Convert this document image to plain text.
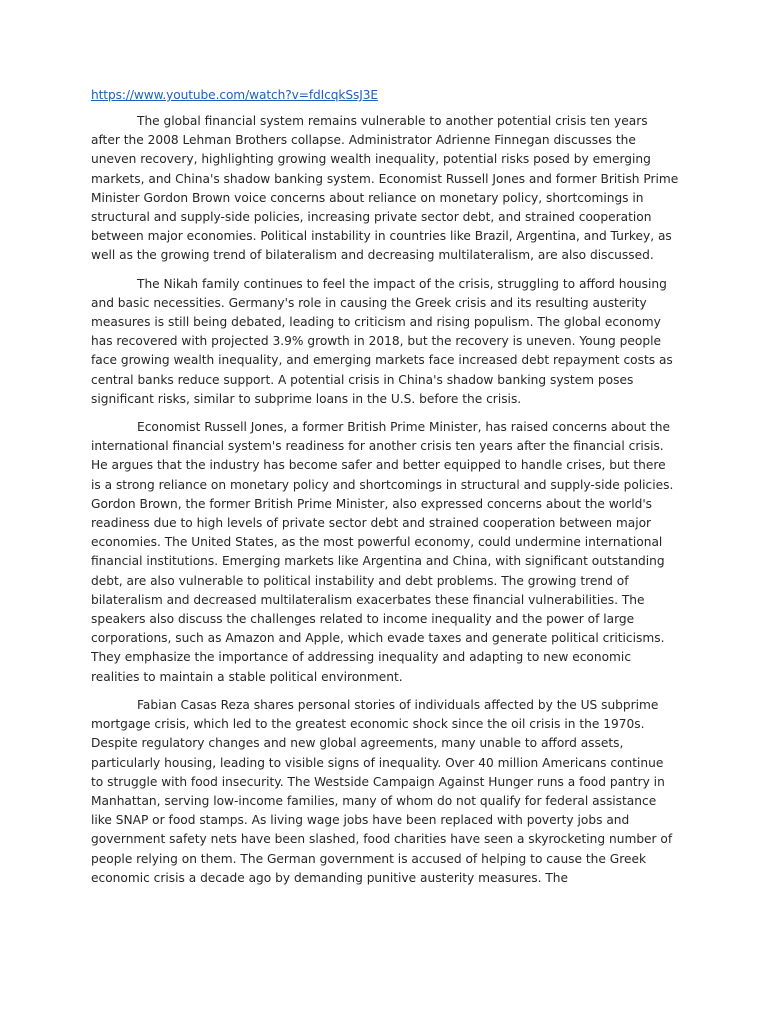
https://www.youtube.com/watch?v=fdIcqkSsJ3E

The global financial system remains vulnerable to another potential crisis ten years after the 2008 Lehman Brothers collapse. Administrator Adrienne Finnegan discusses the uneven recovery, highlighting growing wealth inequality, potential risks posed by emerging markets, and China's shadow banking system. Economist Russell Jones and former British Prime Minister Gordon Brown voice concerns about reliance on monetary policy, shortcomings in structural and supply-side policies, increasing private sector debt, and strained cooperation between major economies. Political instability in countries like Brazil, Argentina, and Turkey, as well as the growing trend of bilateralism and decreasing multilateralism, are also discussed.

The Nikah family continues to feel the impact of the crisis, struggling to afford housing and basic necessities. Germany's role in causing the Greek crisis and its resulting austerity measures is still being debated, leading to criticism and rising populism. The global economy has recovered with projected 3.9% growth in 2018, but the recovery is uneven. Young people face growing wealth inequality, and emerging markets face increased debt repayment costs as central banks reduce support. A potential crisis in China's shadow banking system poses significant risks, similar to subprime loans in the U.S. before the crisis.

Economist Russell Jones, a former British Prime Minister, has raised concerns about the international financial system's readiness for another crisis ten years after the financial crisis. He argues that the industry has become safer and better equipped to handle crises, but there is a strong reliance on monetary policy and shortcomings in structural and supply-side policies. Gordon Brown, the former British Prime Minister, also expressed concerns about the world's readiness due to high levels of private sector debt and strained cooperation between major economies. The United States, as the most powerful economy, could undermine international financial institutions. Emerging markets like Argentina and China, with significant outstanding debt, are also vulnerable to political instability and debt problems. The growing trend of bilateralism and decreased multilateralism exacerbates these financial vulnerabilities. The speakers also discuss the challenges related to income inequality and the power of large corporations, such as Amazon and Apple, which evade taxes and generate political criticisms. They emphasize the importance of addressing inequality and adapting to new economic realities to maintain a stable political environment.

Fabian Casas Reza shares personal stories of individuals affected by the US subprime mortgage crisis, which led to the greatest economic shock since the oil crisis in the 1970s. Despite regulatory changes and new global agreements, many unable to afford assets, particularly housing, leading to visible signs of inequality. Over 40 million Americans continue to struggle with food insecurity. The Westside Campaign Against Hunger runs a food pantry in Manhattan, serving low-income families, many of whom do not qualify for federal assistance like SNAP or food stamps. As living wage jobs have been replaced with poverty jobs and government safety nets have been slashed, food charities have seen a skyrocketing number of people relying on them. The German government is accused of helping to cause the Greek economic crisis a decade ago by demanding punitive austerity measures. The
